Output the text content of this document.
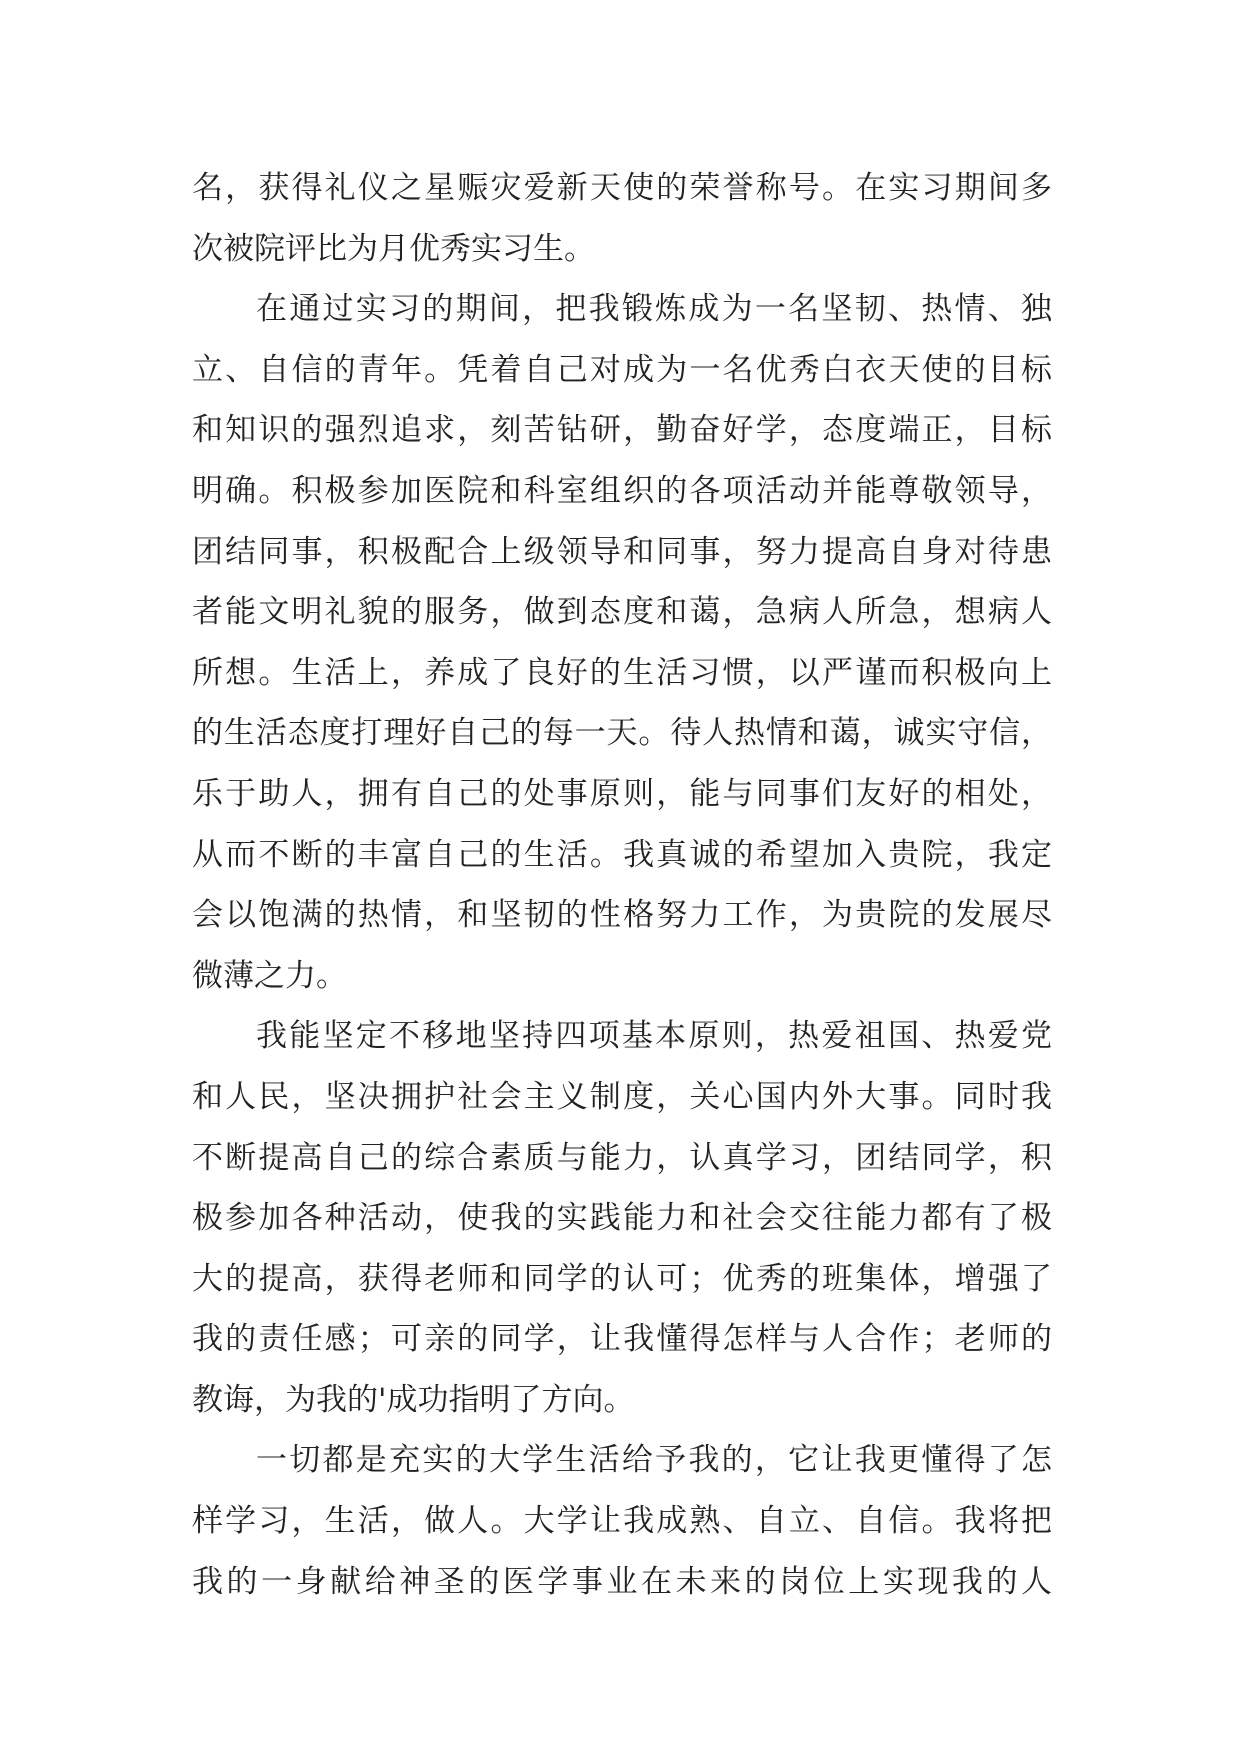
名，获得礼仪之星赈灾爱新天使的荣誉称号。在实习期间多
次被院评比为月优秀实习生。
在通过实习的期间，把我锻炼成为一名坚韧、热情、独
立、自信的青年。凭着自己对成为一名优秀白衣天使的目标
和知识的强烈追求，刻苦钻研，勤奋好学，态度端正，目标
明确。积极参加医院和科室组织的各项活动并能尊敬领导，
团结同事，积极配合上级领导和同事，努力提高自身对待患
者能文明礼貌的服务，做到态度和蔼，急病人所急，想病人
所想。生活上，养成了良好的生活习惯，以严谨而积极向上
的生活态度打理好自己的每一天。待人热情和蔼，诚实守信，
乐于助人，拥有自己的处事原则，能与同事们友好的相处，
从而不断的丰富自己的生活。我真诚的希望加入贵院，我定
会以饱满的热情，和坚韧的性格努力工作，为贵院的发展尽
微薄之力。
我能坚定不移地坚持四项基本原则，热爱祖国、热爱党
和人民，坚决拥护社会主义制度，关心国内外大事。同时我
不断提高自己的综合素质与能力，认真学习，团结同学，积
极参加各种活动，使我的实践能力和社会交往能力都有了极
大的提高，获得老师和同学的认可；优秀的班集体，增强了
我的责任感；可亲的同学，让我懂得怎样与人合作；老师的
教诲，为我的'成功指明了方向。
一切都是充实的大学生活给予我的，它让我更懂得了怎
样学习，生活，做人。大学让我成熟、自立、自信。我将把
我的一身献给神圣的医学事业在未来的岗位上实现我的人
